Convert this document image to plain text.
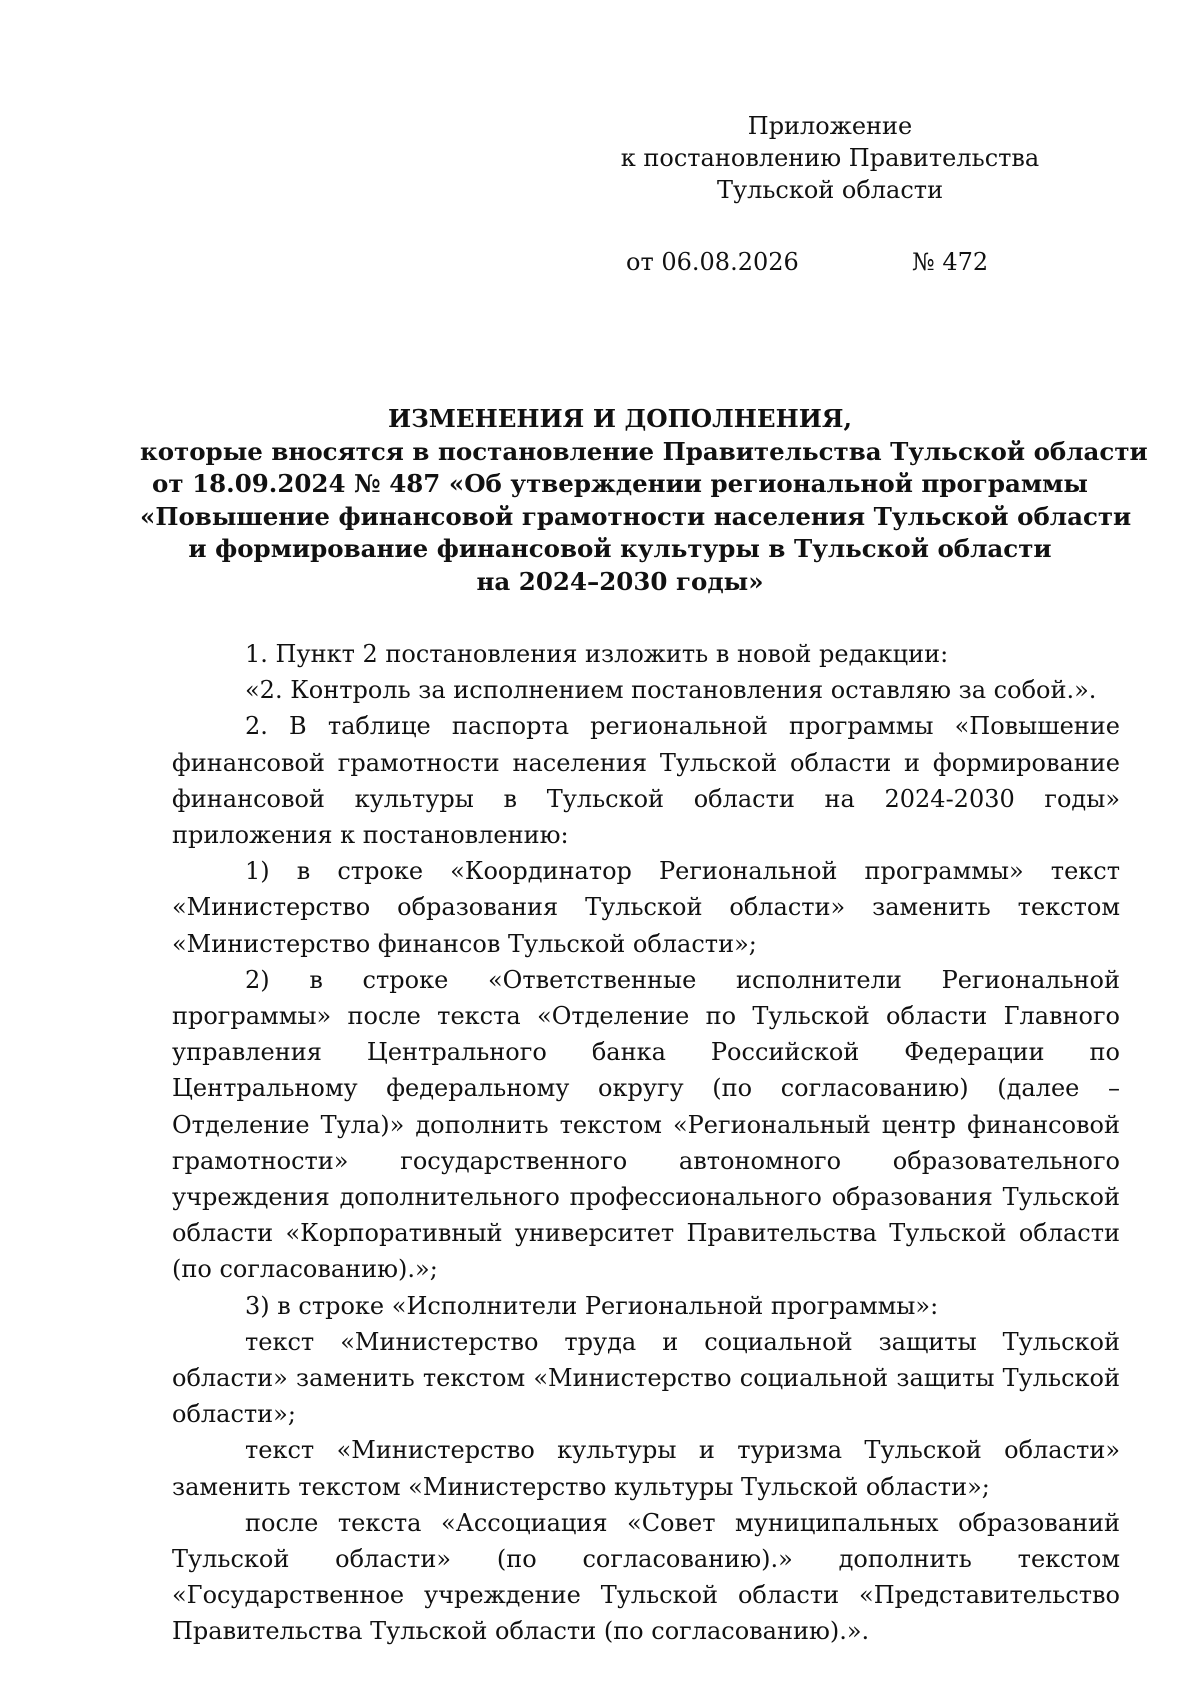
Приложение
к постановлению Правительства
Тульской области
от 06.08.2026	№ 472
ИЗМЕНЕНИЯ И ДОПОЛНЕНИЯ,
которые вносятся в постановление Правительства Тульской области
от 18.09.2024 № 487 «Об утверждении региональной программы
«Повышение финансовой грамотности населения Тульской области
и формирование финансовой культуры в Тульской области
на 2024–2030 годы»

1. Пункт 2 постановления изложить в новой редакции:

«2. Контроль за исполнением постановления оставляю за собой.».

2. В таблице паспорта региональной программы «Повышение финансовой грамотности населения Тульской области и формирование финансовой культуры в Тульской области на 2024-2030 годы» приложения к постановлению:

1) в строке «Координатор Региональной программы» текст «Министерство образования Тульской области» заменить текстом «Министерство финансов Тульской области»;

2) в строке «Ответственные исполнители Региональной программы» после текста «Отделение по Тульской области Главного управления Центрального банка Российской Федерации по Центральному федеральному округу (по согласованию) (далее – Отделение Тула)» дополнить текстом «Региональный центр финансовой грамотности» государственного автономного образовательного учреждения дополнительного профессионального образования Тульской области «Корпоративный университет Правительства Тульской области (по согласованию).»;

3) в строке «Исполнители Региональной программы»:

текст «Министерство труда и социальной защиты Тульской области» заменить текстом «Министерство социальной защиты Тульской области»;

текст «Министерство культуры и туризма Тульской области» заменить текстом «Министерство культуры Тульской области»;

после текста «Ассоциация «Совет муниципальных образований Тульской области» (по согласованию).» дополнить текстом «Государственное учреждение Тульской области «Представительство Правительства Тульской области (по согласованию).».
